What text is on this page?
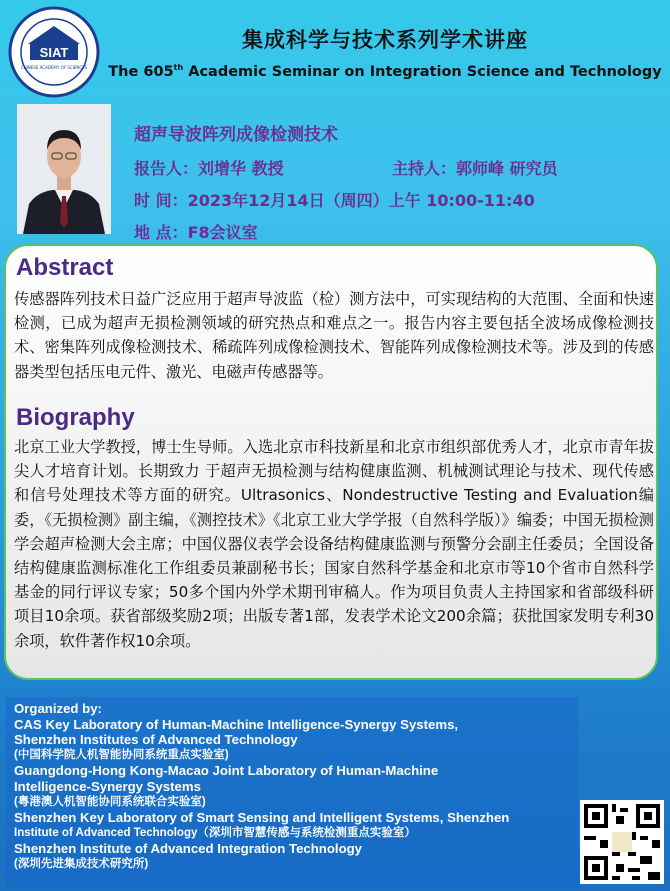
SIAT
CHINESE ACADEMY OF SCIENCES
集成科学与技术系列学术讲座
The 605th Academic Seminar on Integration Science and Technology
超声导波阵列成像检测技术
报告人：刘增华 教授	主持人：郭师峰 研究员
时 间：2023年12月14日（周四）上午 10:00-11:40
地 点：F8会议室
Abstract
传感器阵列技术日益广泛应用于超声导波监（检）测方法中，可实现结构的大范围、全面和快速检测，已成为超声无损检测领域的研究热点和难点之一。报告内容主要包括全波场成像检测技术、密集阵列成像检测技术、稀疏阵列成像检测技术、智能阵列成像检测技术等。涉及到的传感器类型包括压电元件、激光、电磁声传感器等。
Biography
北京工业大学教授，博士生导师。入选北京市科技新星和北京市组织部优秀人才，北京市青年拔尖人才培育计划。长期致力 于超声无损检测与结构健康监测、机械测试理论与技术、现代传感和信号处理技术等方面的研究。Ultrasonics、Nondestructive Testing and Evaluation编委，《无损检测》副主编，《测控技术》《北京工业大学学报（自然科学版）》编委；中国无损检测学会超声检测大会主席；中国仪器仪表学会设备结构健康监测与预警分会副主任委员；全国设备结构健康监测标准化工作组委员兼副秘书长；国家自然科学基金和北京市等10个省市自然科学基金的同行评议专家；50多个国内外学术期刊审稿人。作为项目负责人主持国家和省部级科研项目10余项。获省部级奖励2项；出版专著1部，发表学术论文200余篇；获批国家发明专利30余项，软件著作权10余项。
Organized by:
CAS Key Laboratory of Human-Machine Intelligence-Synergy Systems,
Shenzhen Institutes of Advanced Technology
(中国科学院人机智能协同系统重点实验室)
Guangdong-Hong Kong-Macao Joint Laboratory of Human-Machine
Intelligence-Synergy Systems
(粤港澳人机智能协同系统联合实验室)
Shenzhen Key Laboratory of Smart Sensing and Intelligent Systems, Shenzhen
Institute of Advanced Technology（深圳市智慧传感与系统检测重点实验室）
Shenzhen Institute of Advanced Integration Technology
(深圳先进集成技术研究所)
